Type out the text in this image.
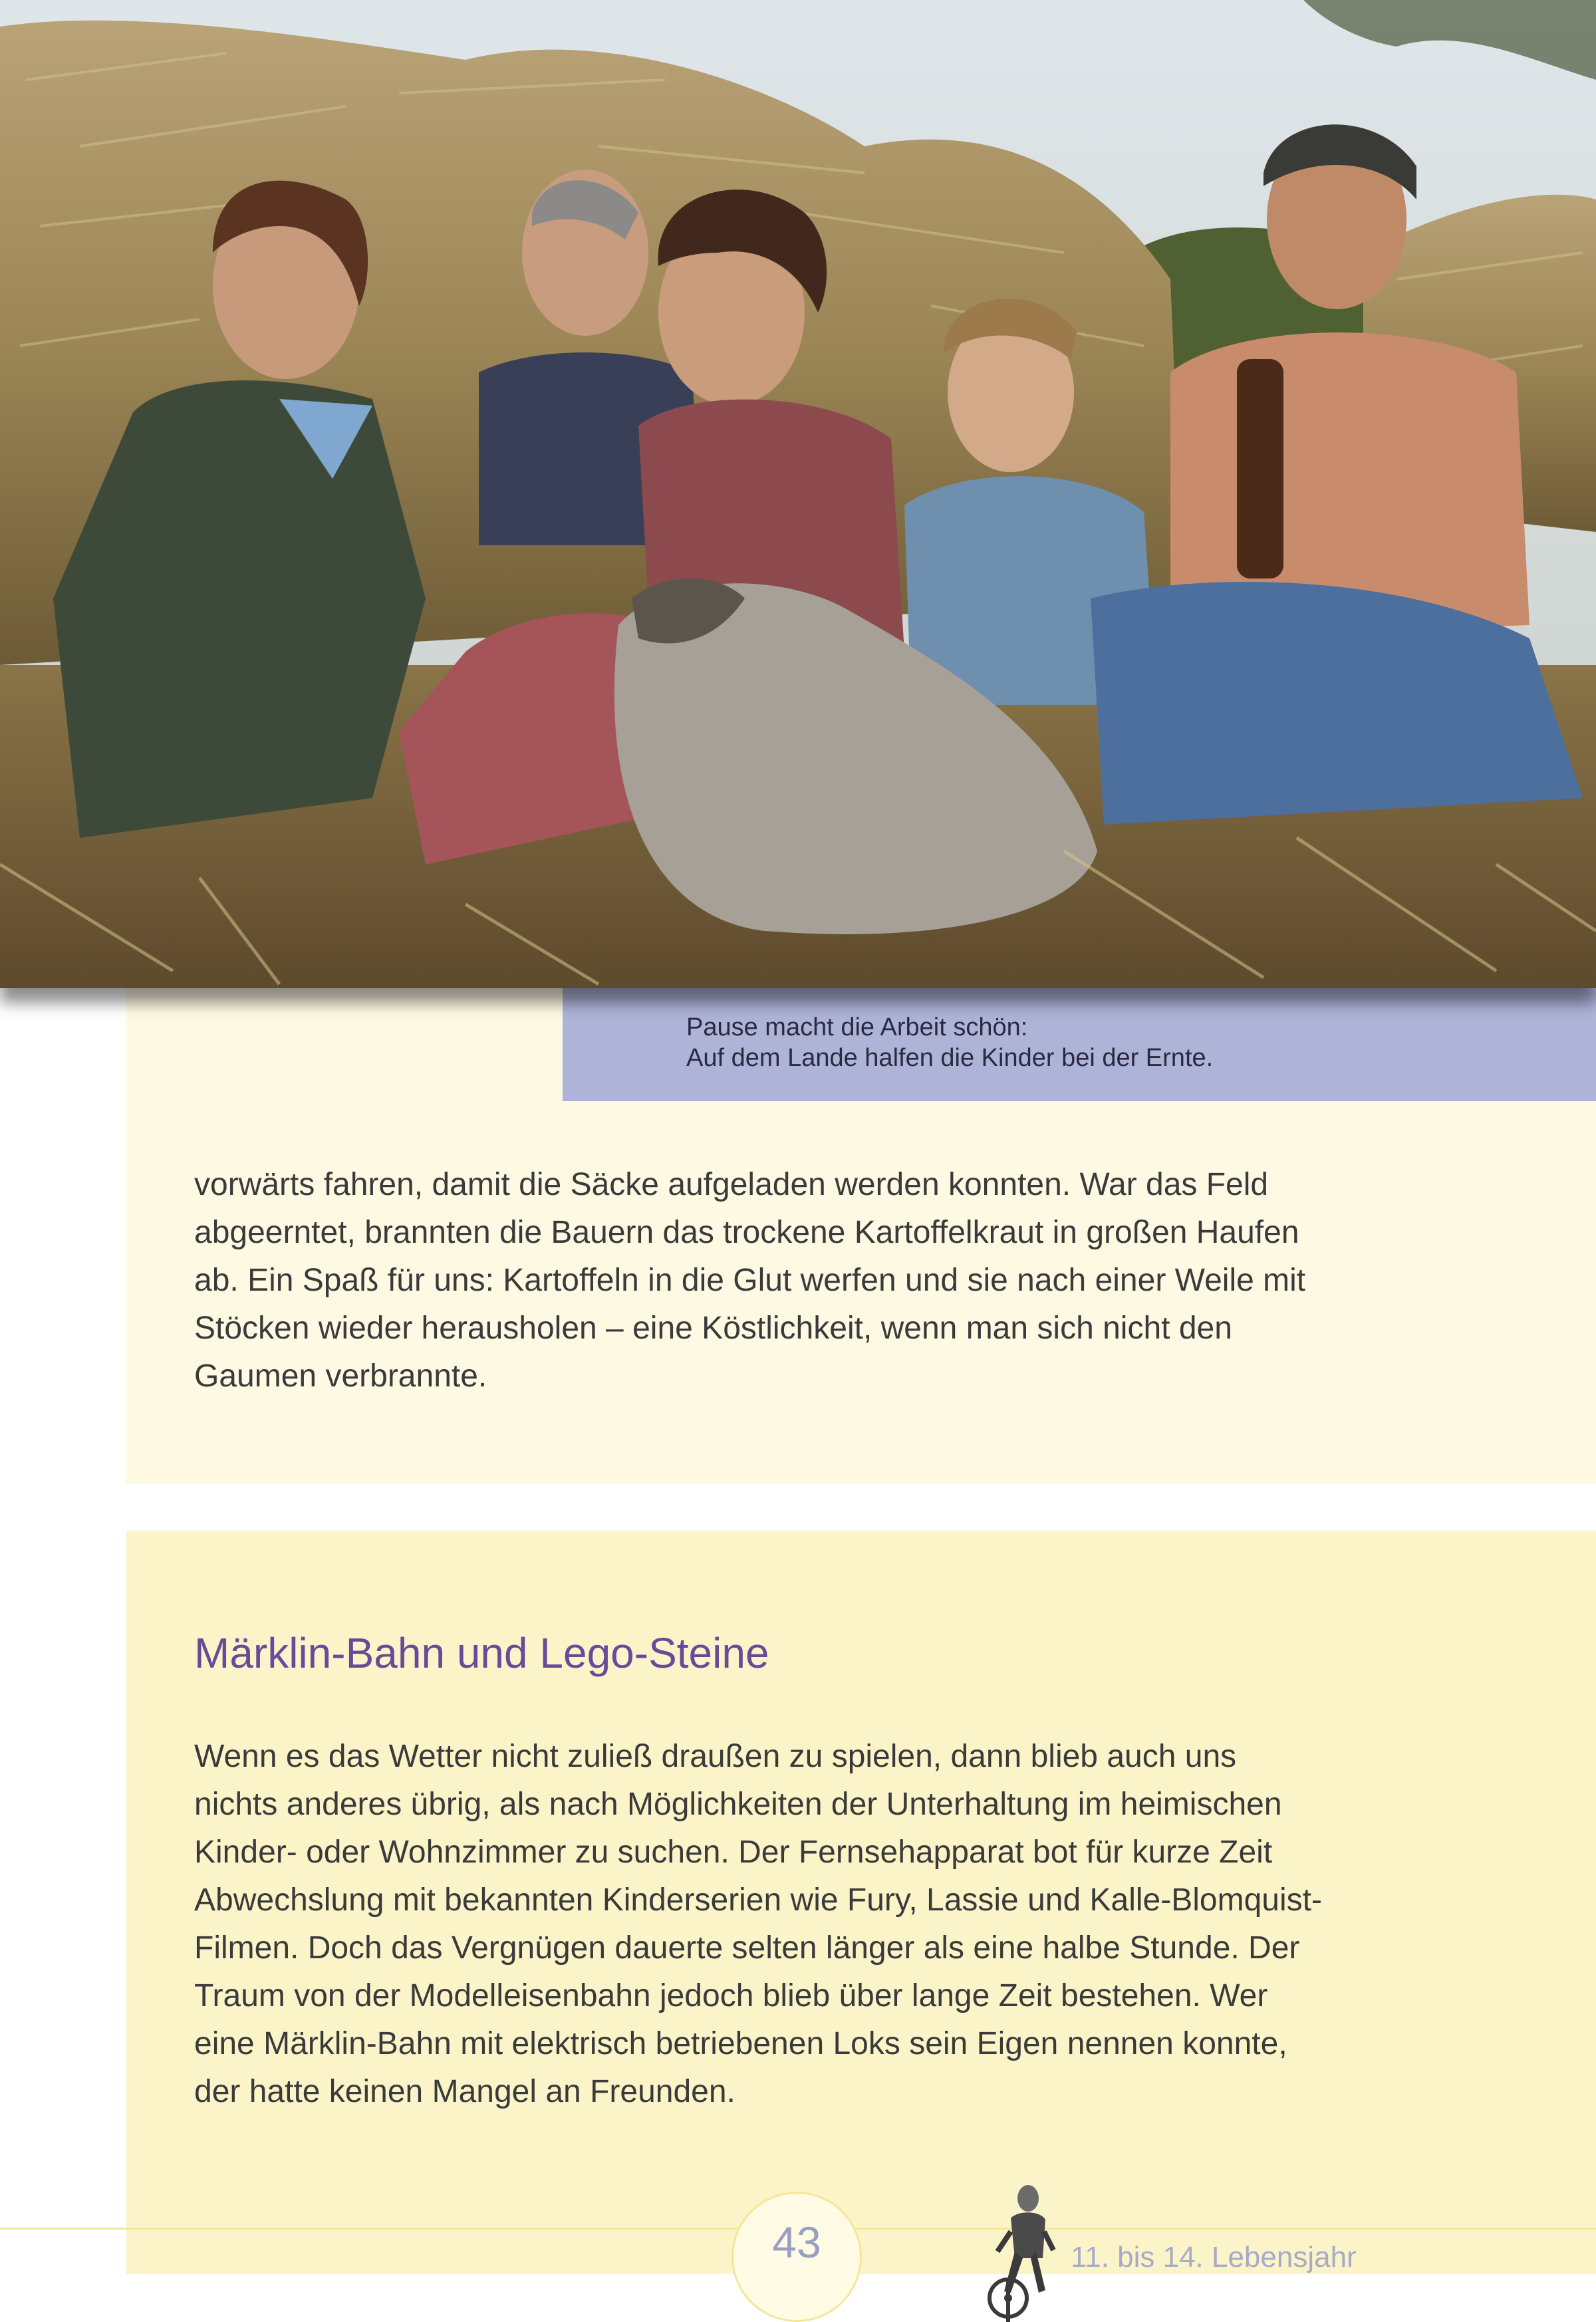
Pause macht die Arbeit schön:
Auf dem Lande halfen die Kinder bei der Ernte.
vorwärts fahren, damit die Säcke aufgeladen werden konnten. War das Feld
abgeerntet, brannten die Bauern das trockene Kartoffelkraut in großen Haufen
ab. Ein Spaß für uns: Kartoffeln in die Glut werfen und sie nach einer Weile mit
Stöcken wieder herausholen – eine Köstlichkeit, wenn man sich nicht den
Gaumen verbrannte.
Märklin-Bahn und Lego-Steine
Wenn es das Wetter nicht zuließ draußen zu spielen, dann blieb auch uns
nichts anderes übrig, als nach Möglichkeiten der Unterhaltung im heimischen
Kinder- oder Wohnzimmer zu suchen. Der Fernsehapparat bot für kurze Zeit
Abwechslung mit bekannten Kinderserien wie Fury, Lassie und Kalle-Blomquist-
Filmen. Doch das Vergnügen dauerte selten länger als eine halbe Stunde. Der
Traum von der Modelleisenbahn jedoch blieb über lange Zeit bestehen. Wer
eine Märklin-Bahn mit elektrisch betriebenen Loks sein Eigen nennen konnte,
der hatte keinen Mangel an Freunden.
43	11. bis 14. Lebensjahr
